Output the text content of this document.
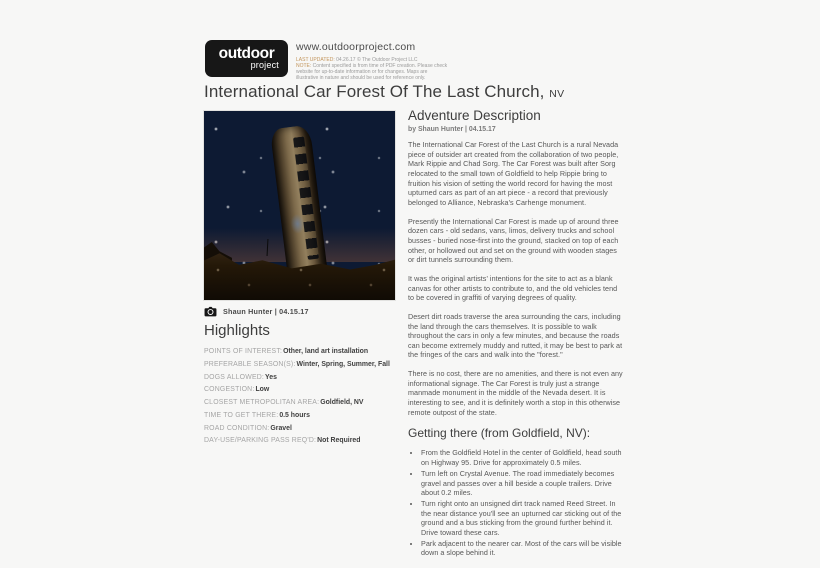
outdoor
project
www.outdoorproject.com
LAST UPDATED: 04.26.17 © The Outdoor Project LLC
NOTE: Content specified is from time of PDF creation. Please check website for up-to-date information or for changes. Maps are illustrative in nature and should be used for reference only.
International Car Forest Of The Last Church, NV
Shaun Hunter | 04.15.17
Highlights
POINTS OF INTEREST:Other, land art installation
PREFERABLE SEASON(S):Winter, Spring, Summer, Fall
DOGS ALLOWED:Yes
CONGESTION:Low
CLOSEST METROPOLITAN AREA:Goldfield, NV
TIME TO GET THERE:0.5 hours
ROAD CONDITION:Gravel
DAY-USE/PARKING PASS REQ'D:Not Required
Adventure Description
by Shaun Hunter | 04.15.17

The International Car Forest of the Last Church is a rural Nevada piece of outsider art created from the collaboration of two people, Mark Rippie and Chad Sorg. The Car Forest was built after Sorg relocated to the small town of Goldfield to help Rippie bring to fruition his vision of setting the world record for having the most upturned cars as part of an art piece - a record that previously belonged to Alliance, Nebraska's Carhenge monument.

Presently the International Car Forest is made up of around three dozen cars - old sedans, vans, limos, delivery trucks and school busses - buried nose-first into the ground, stacked on top of each other, or hollowed out and set on the ground with wooden stages or dirt tunnels surrounding them.

It was the original artists' intentions for the site to act as a blank canvas for other artists to contribute to, and the old vehicles tend to be covered in graffiti of varying degrees of quality.

Desert dirt roads traverse the area surrounding the cars, including the land through the cars themselves. It is possible to walk throughout the cars in only a few minutes, and because the roads can become extremely muddy and rutted, it may be best to park at the fringes of the cars and walk into the "forest."

There is no cost, there are no amenities, and there is not even any informational signage. The Car Forest is truly just a strange manmade monument in the middle of the Nevada desert. It is interesting to see, and it is definitely worth a stop in this otherwise remote outpost of the state.

Getting there (from Goldfield, NV):
• From the Goldfield Hotel in the center of Goldfield, head south on Highway 95. Drive for approximately 0.5 miles.
• Turn left on Crystal Avenue. The road immediately becomes gravel and passes over a hill beside a couple trailers. Drive about 0.2 miles.
• Turn right onto an unsigned dirt track named Reed Street. In the near distance you'll see an upturned car sticking out of the ground and a bus sticking from the ground further behind it. Drive toward these cars.
• Park adjacent to the nearer car. Most of the cars will be visible down a slope behind it.
